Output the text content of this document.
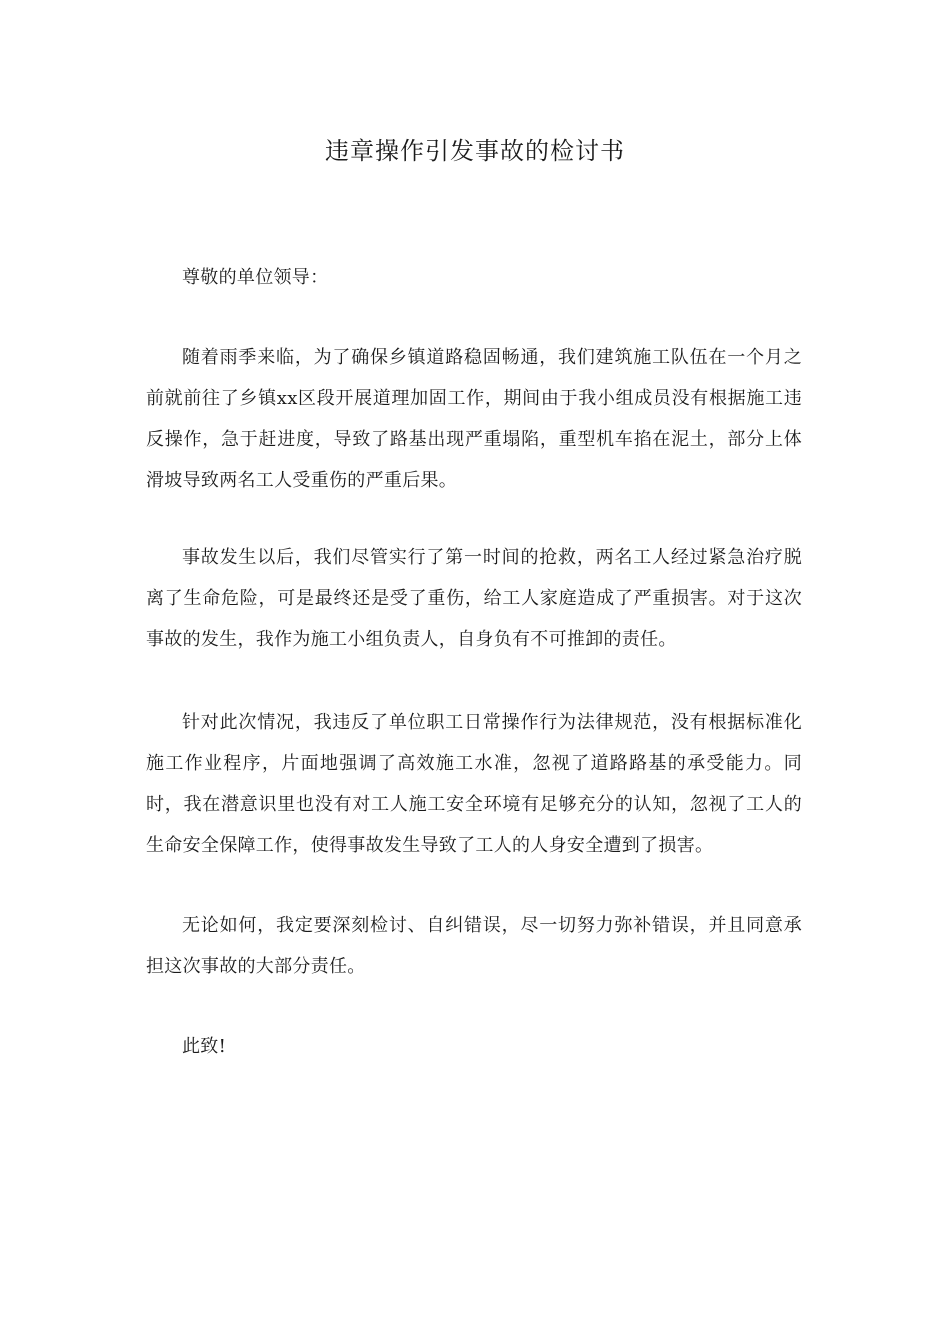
违章操作引发事故的检讨书

尊敬的单位领导：

随着雨季来临，为了确保乡镇道路稳固畅通，我们建筑施工队伍在一个月之前就前往了乡镇xx区段开展道理加固工作，期间由于我小组成员没有根据施工违反操作，急于赶进度，导致了路基出现严重塌陷，重型机车掐在泥土，部分上体滑坡导致两名工人受重伤的严重后果。

事故发生以后，我们尽管实行了第一时间的抢救，两名工人经过紧急治疗脱离了生命危险，可是最终还是受了重伤，给工人家庭造成了严重损害。对于这次事故的发生，我作为施工小组负责人，自身负有不可推卸的责任。

针对此次情况，我违反了单位职工日常操作行为法律规范，没有根据标准化施工作业程序，片面地强调了高效施工水准，忽视了道路路基的承受能力。同时，我在潜意识里也没有对工人施工安全环境有足够充分的认知，忽视了工人的生命安全保障工作，使得事故发生导致了工人的人身安全遭到了损害。

无论如何，我定要深刻检讨、自纠错误，尽一切努力弥补错误，并且同意承担这次事故的大部分责任。

此致!
